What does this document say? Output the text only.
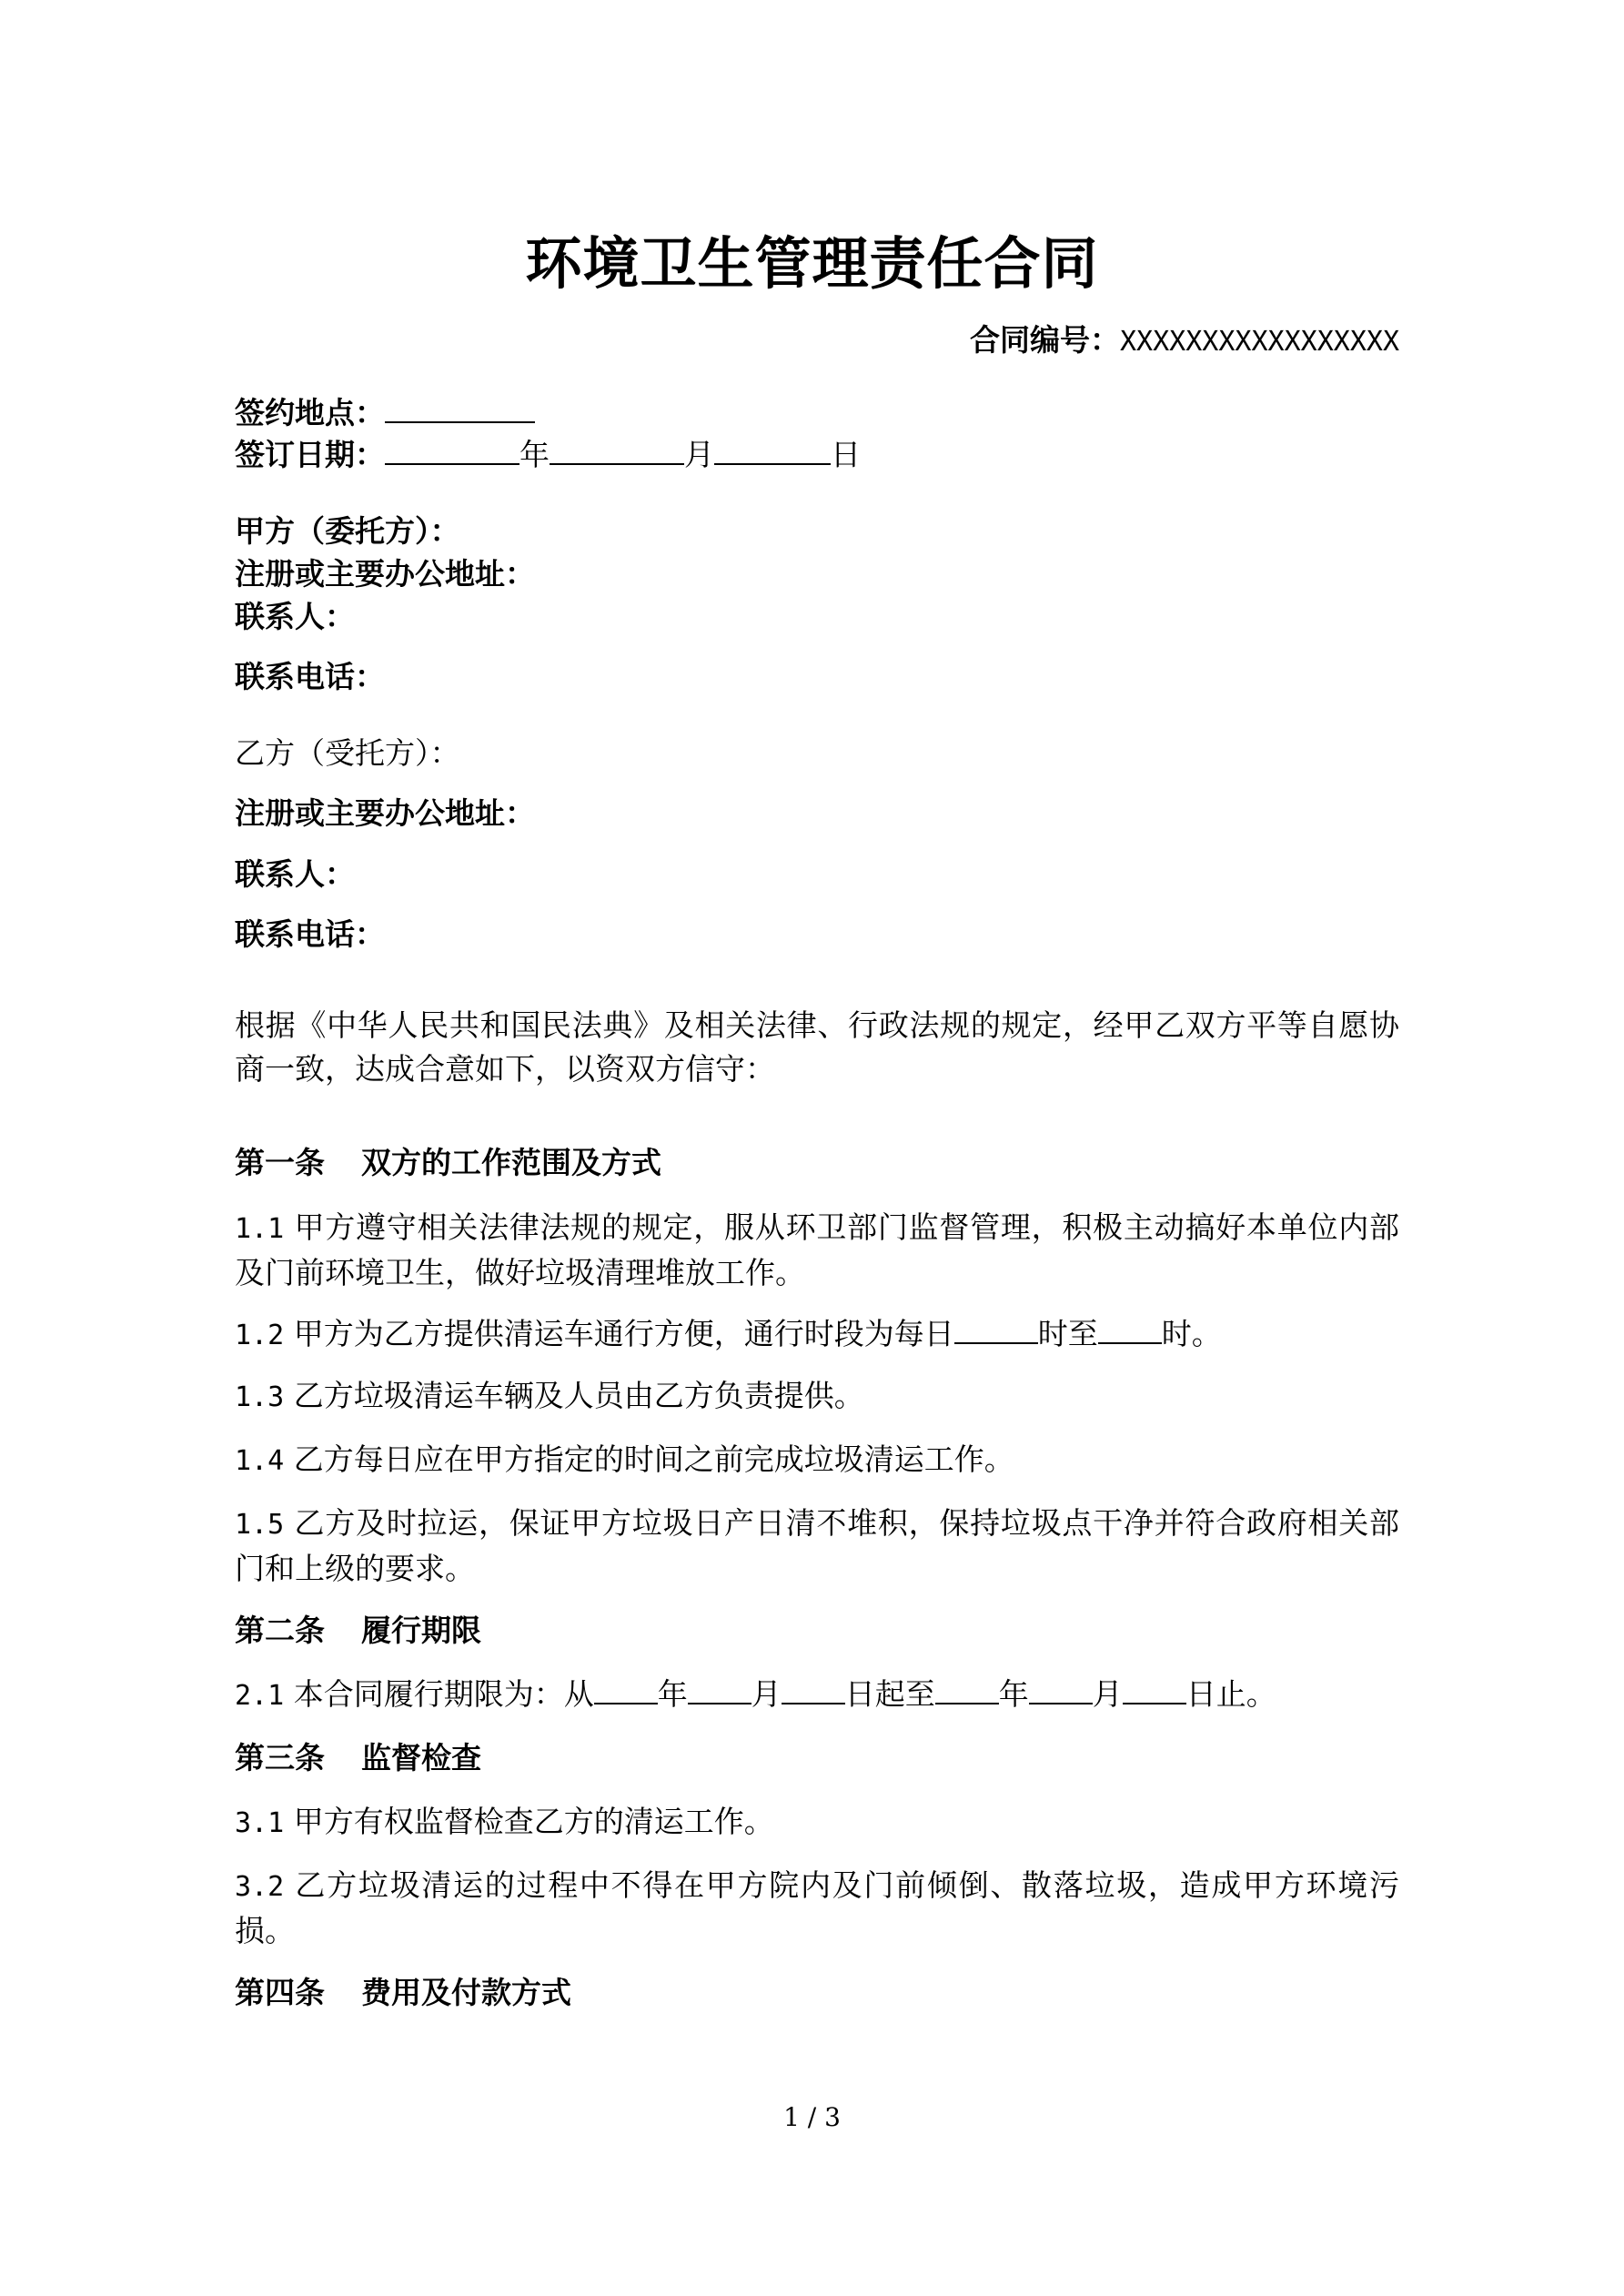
环境卫生管理责任合同
合同编号：XXXXXXXXXXXXXXXXX
签约地点：
签订日期：	年	月	日
甲方（委托方）：
注册或主要办公地址：
联系人：
联系电话：
乙方（受托方）：
注册或主要办公地址：
联系人：
联系电话：
根据《中华人民共和国民法典》及相关法律、行政法规的规定，经甲乙双方平等自愿协商一致，达成合意如下，以资双方信守：
第一条 双方的工作范围及方式
1.1 甲方遵守相关法律法规的规定，服从环卫部门监督管理，积极主动搞好本单位内部及门前环境卫生，做好垃圾清理堆放工作。
1.2 甲方为乙方提供清运车通行方便，通行时段为每日	时至 时。
1.3 乙方垃圾清运车辆及人员由乙方负责提供。
1.4 乙方每日应在甲方指定的时间之前完成垃圾清运工作。
1.5 乙方及时拉运，保证甲方垃圾日产日清不堆积，保持垃圾点干净并符合政府相关部门和上级的要求。
第二条 履行期限
2.1 本合同履行期限为：从 年 月 日起至 年 月 日止。
第三条 监督检查
3.1 甲方有权监督检查乙方的清运工作。
3.2 乙方垃圾清运的过程中不得在甲方院内及门前倾倒、散落垃圾，造成甲方环境污损。
第四条 费用及付款方式
1 / 3
